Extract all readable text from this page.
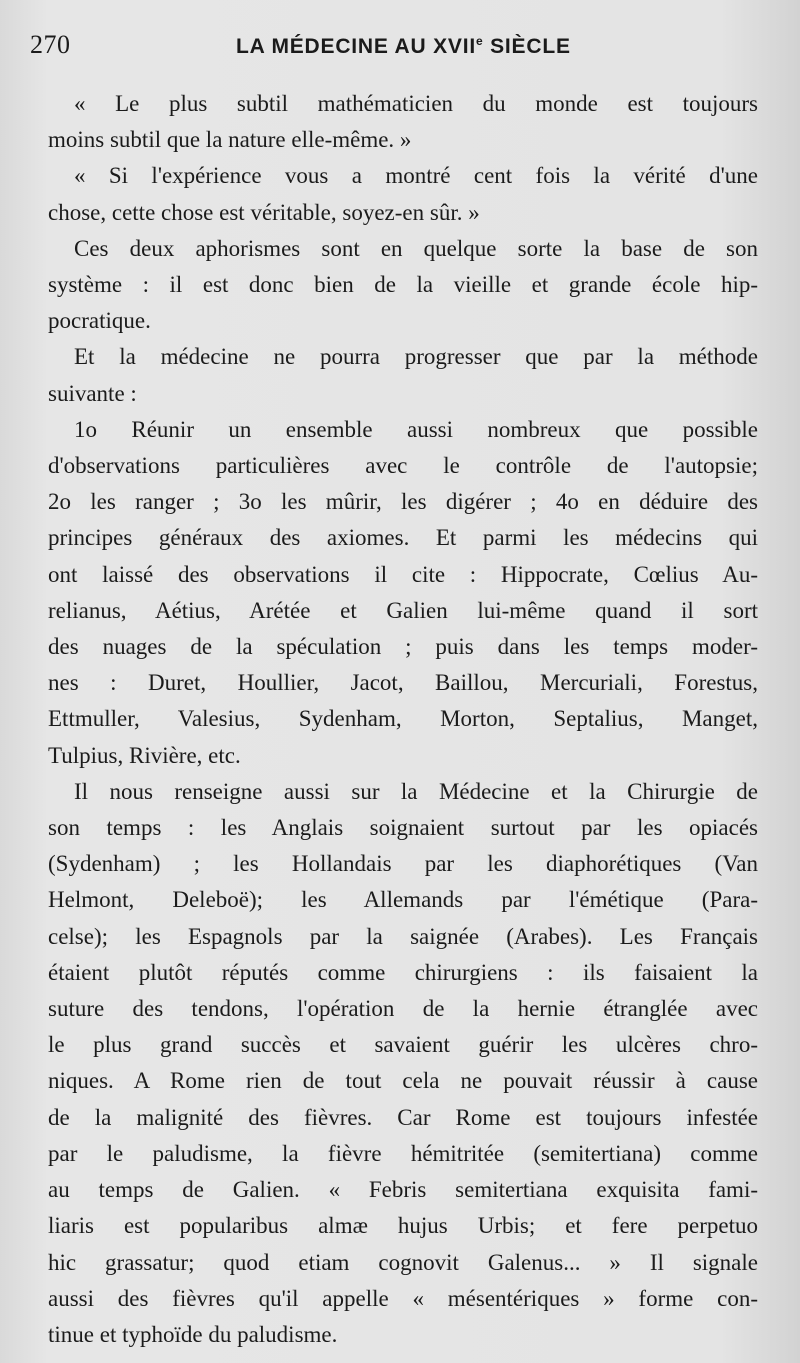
270	LA MÉDECINE AU XVIIe SIÈCLE
« Le plus subtil mathématicien du monde est toujours
moins subtil que la nature elle-même. »
« Si l'expérience vous a montré cent fois la vérité d'une
chose, cette chose est véritable, soyez-en sûr. »
Ces deux aphorismes sont en quelque sorte la base de son
système : il est donc bien de la vieille et grande école hip-
pocratique.
Et la médecine ne pourra progresser que par la méthode
suivante :
1o Réunir un ensemble aussi nombreux que possible
d'observations particulières avec le contrôle de l'autopsie;
2o les ranger ; 3o les mûrir, les digérer ; 4o en déduire des
principes généraux des axiomes. Et parmi les médecins qui
ont laissé des observations il cite : Hippocrate, Cœlius Au-
relianus, Aétius, Arétée et Galien lui-même quand il sort
des nuages de la spéculation ; puis dans les temps moder-
nes : Duret, Houllier, Jacot, Baillou, Mercuriali, Forestus,
Ettmuller, Valesius, Sydenham, Morton, Septalius, Manget,
Tulpius, Rivière, etc.
Il nous renseigne aussi sur la Médecine et la Chirurgie de
son temps : les Anglais soignaient surtout par les opiacés
(Sydenham) ; les Hollandais par les diaphorétiques (Van
Helmont, Deleboë); les Allemands par l'émétique (Para-
celse); les Espagnols par la saignée (Arabes). Les Français
étaient plutôt réputés comme chirurgiens : ils faisaient la
suture des tendons, l'opération de la hernie étranglée avec
le plus grand succès et savaient guérir les ulcères chro-
niques. A Rome rien de tout cela ne pouvait réussir à cause
de la malignité des fièvres. Car Rome est toujours infestée
par le paludisme, la fièvre hémitritée (semitertiana) comme
au temps de Galien. « Febris semitertiana exquisita fami-
liaris est popularibus almæ hujus Urbis; et fere perpetuo
hic grassatur; quod etiam cognovit Galenus... » Il signale
aussi des fièvres qu'il appelle « mésentériques » forme con-
tinue et typhoïde du paludisme.
